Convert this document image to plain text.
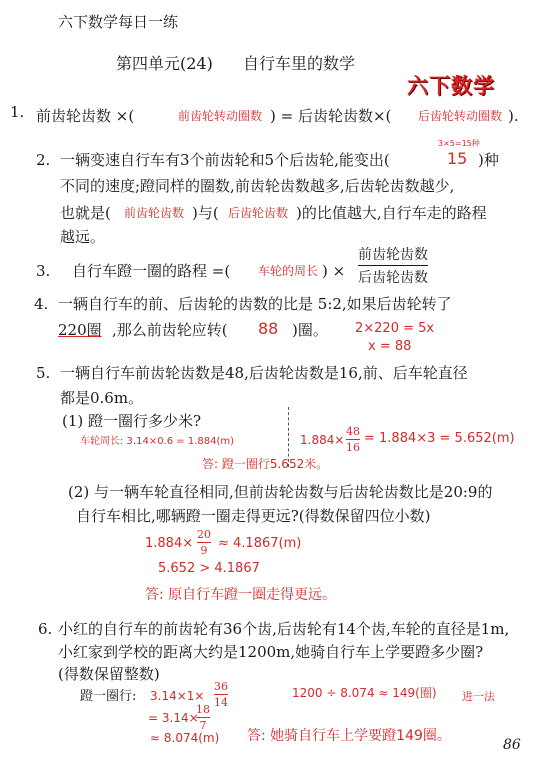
六下数学每日一练
第四单元(24) 自行车里的数学
六下数学
1. 前齿轮齿数 ×(	前齿轮转动圈数 ) = 后齿轮齿数×( 后齿轮转动圈数 ).
2. 一辆变速自行车有3个前齿轮和5个后齿轮,能变出(	15 )种
3×5=15种
不同的速度;蹬同样的圈数,前齿轮齿数越多,后齿轮齿数越少,
也就是( 前齿轮齿数 )与( 后齿轮齿数 )的比值越大,自行车走的路程
越远。
3. 自行车蹬一圈的路程 =( 车轮的周长 ) ×
前齿轮齿数
后齿轮齿数
4. 一辆自行车的前、后齿轮的齿数的比是 5:2,如果后齿轮转了
220圈 ,那么前齿轮应转( 88 )圈。 2×220 = 5x
x = 88
5. 一辆自行车前齿轮齿数是48,后齿轮齿数是16,前、后车轮直径
都是0.6m。
(1) 蹬一圈行多少米?
车轮周长: 3.14×0.6 = 1.884(m)	1.884×
48
16
= 1.884×3 = 5.652(m)
答: 蹬一圈行5.652米。
(2) 与一辆车轮直径相同,但前齿轮齿数与后齿轮齿数比是20:9的
自行车相比,哪辆蹬一圈走得更远?(得数保留四位小数)
1.884×
20
9 ≈ 4.1867(m)
5.652 > 4.1867
答: 原自行车蹬一圈走得更远。
6. 小红的自行车的前齿轮有36个齿,后齿轮有14个齿,车轮的直径是1m,
小红家到学校的距离大约是1200m,她骑自行车上学要蹬多少圈?
(得数保留整数)
蹬一圈行: 3.14×1×
36
14
= 3.14×
18
7
≈ 8.074(m)
1200 ÷ 8.074 ≈ 149(圈) 进一法
答: 她骑自行车上学要蹬149圈。
86
